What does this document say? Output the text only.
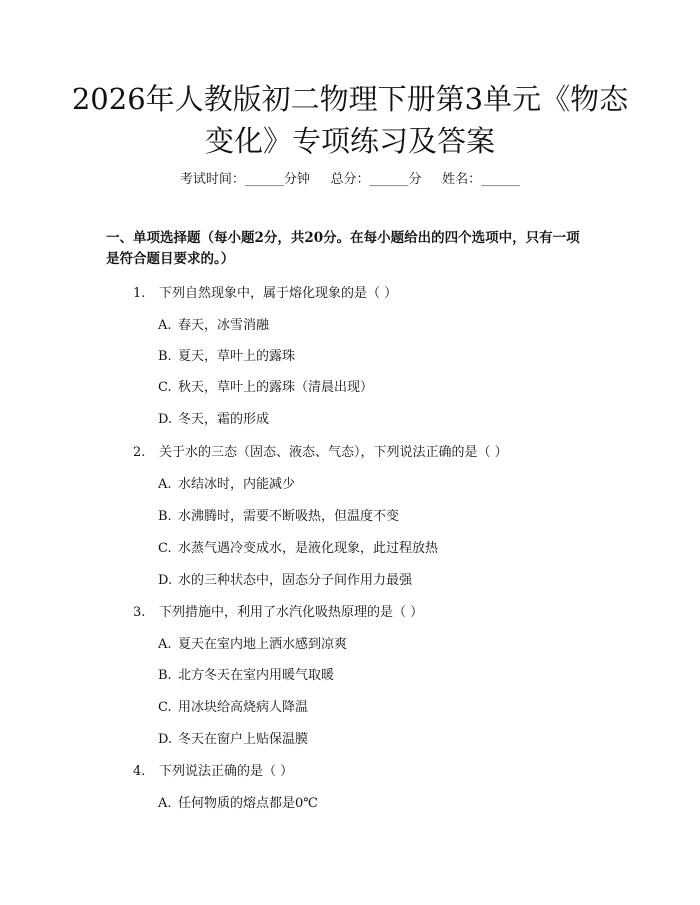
2026年人教版初二物理下册第3单元《物态
变化》专项练习及答案
考试时间：______分钟     总分：______分     姓名：______
一、单项选择题（每小题2分，共20分。在每小题给出的四个选项中，只有一项
是符合题目要求的。）
1. 下列自然现象中，属于熔化现象的是（ ）
A. 春天，冰雪消融
B. 夏天，草叶上的露珠
C. 秋天，草叶上的露珠（清晨出现）
D. 冬天，霜的形成
2. 关于水的三态（固态、液态、气态），下列说法正确的是（ ）
A. 水结冰时，内能减少
B. 水沸腾时，需要不断吸热，但温度不变
C. 水蒸气遇冷变成水，是液化现象，此过程放热
D. 水的三种状态中，固态分子间作用力最强
3. 下列措施中，利用了水汽化吸热原理的是（ ）
A. 夏天在室内地上洒水感到凉爽
B. 北方冬天在室内用暖气取暖
C. 用冰块给高烧病人降温
D. 冬天在窗户上贴保温膜
4. 下列说法正确的是（ ）
A. 任何物质的熔点都是0℃
